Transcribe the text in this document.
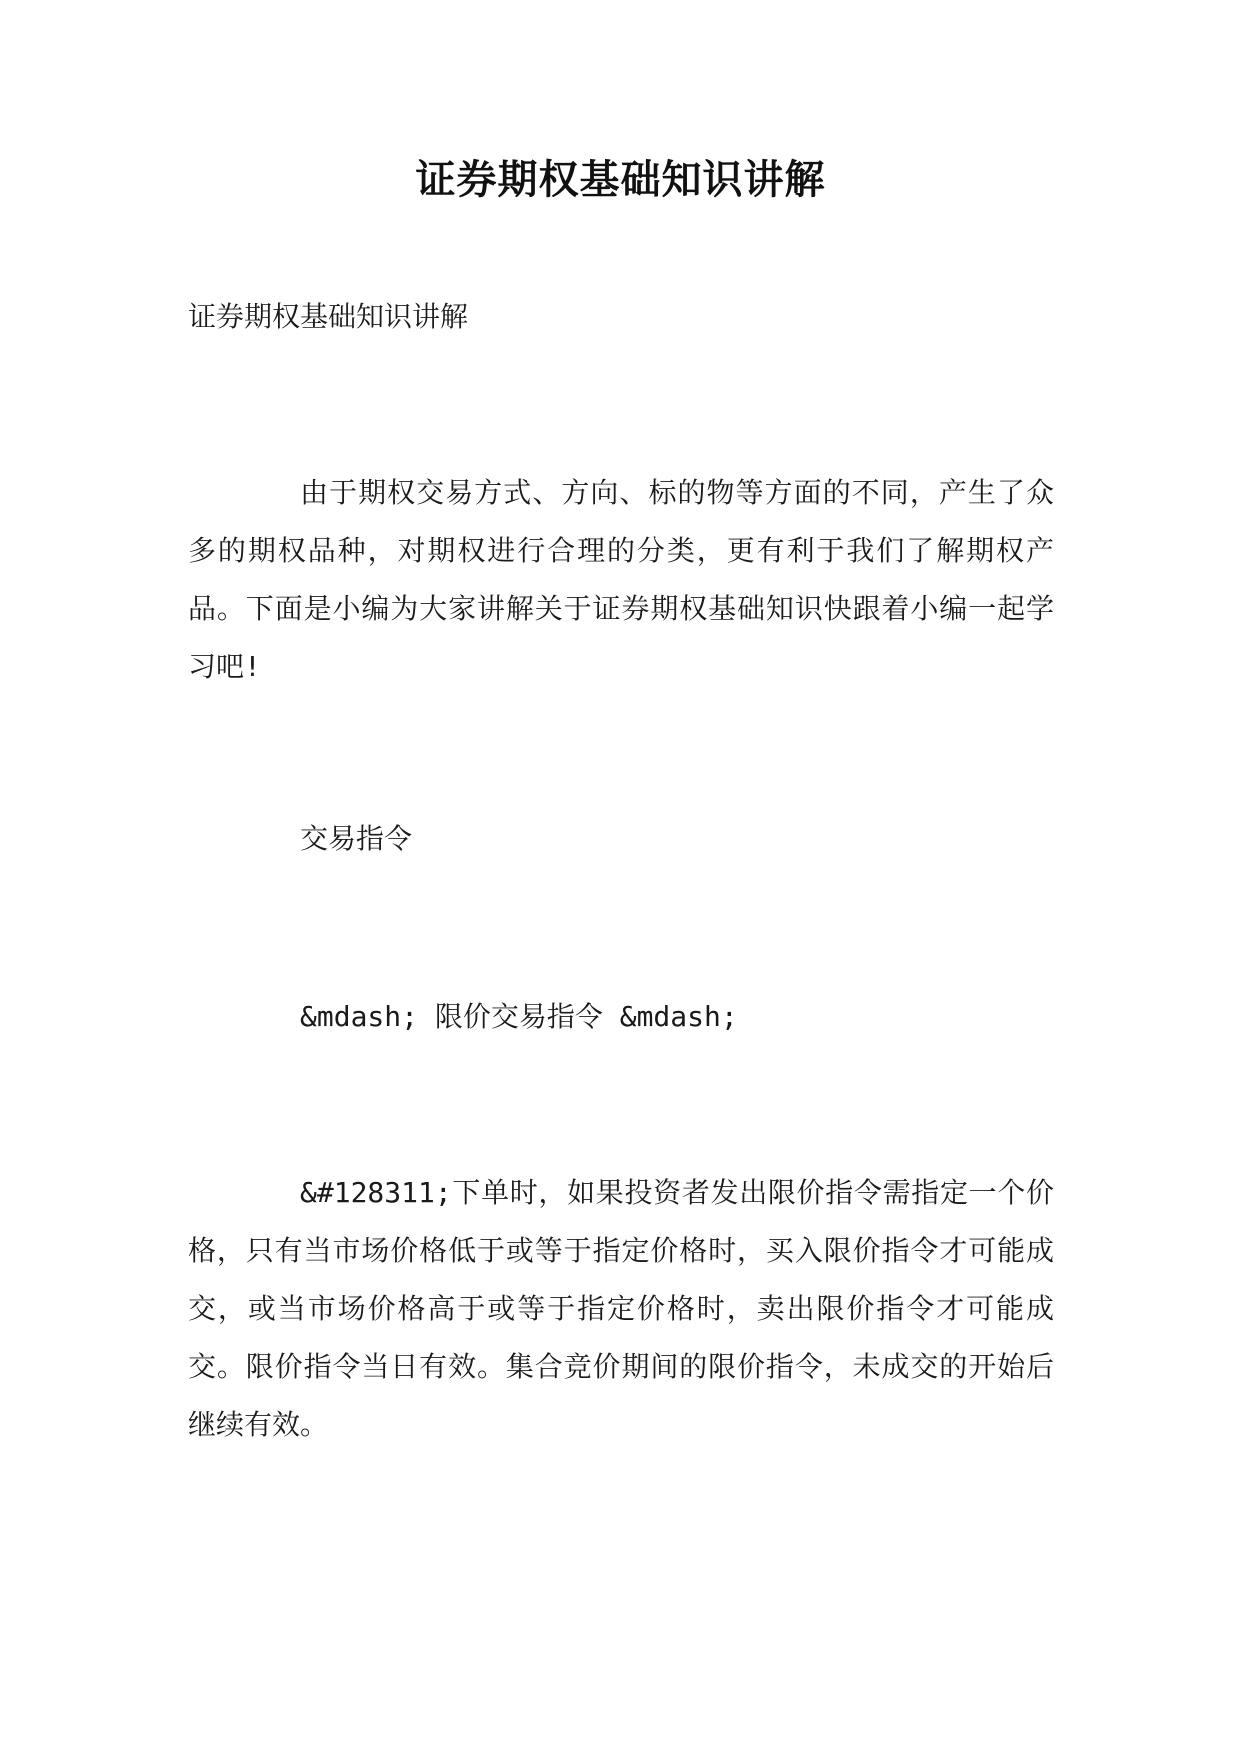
证券期权基础知识讲解

证券期权基础知识讲解

由于期权交易方式、方向、标的物等方面的不同，产生了众多的期权品种，对期权进行合理的分类，更有利于我们了解期权产品。下面是小编为大家讲解关于证券期权基础知识快跟着小编一起学习吧!

交易指令

&mdash; 限价交易指令 &mdash;

&#128311;下单时，如果投资者发出限价指令需指定一个价格，只有当市场价格低于或等于指定价格时，买入限价指令才可能成交，或当市场价格高于或等于指定价格时，卖出限价指令才可能成交。限价指令当日有效。集合竞价期间的限价指令，未成交的开始后继续有效。
